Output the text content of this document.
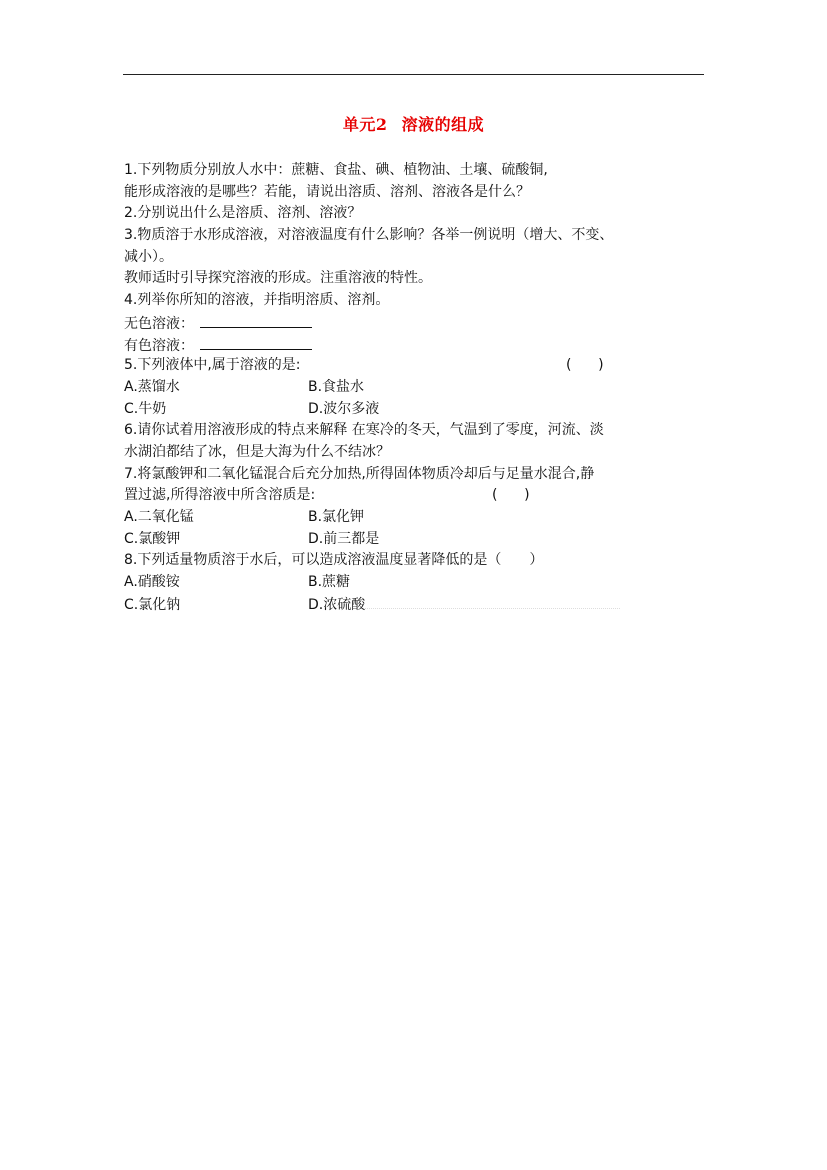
单元2 溶液的组成
1.下列物质分别放人水中：蔗糖、食盐、碘、植物油、土壤、硫酸铜,
能形成溶液的是哪些？若能，请说出溶质、溶剂、溶液各是什么？
2.分别说出什么是溶质、溶剂、溶液？
3.物质溶于水形成溶液，对溶液温度有什么影响？各举一例说明（增大、不变、
减小）。
教师适时引导探究溶液的形成。注重溶液的特性。
4.列举你所知的溶液，并指明溶质、溶剂。
无色溶液：
有色溶液：
5.下列液体中,属于溶液的是:	(      )
A.蒸馏水	B.食盐水
C.牛奶	D.波尔多液
6.请你试着用溶液形成的特点来解释 在寒冷的冬天，气温到了零度，河流、淡
水湖泊都结了冰，但是大海为什么不结冰？
7.将氯酸钾和二氧化锰混合后充分加热,所得固体物质冷却后与足量水混合,静
置过滤,所得溶液中所含溶质是:	(      )
A.二氧化锰	B.氯化钾
C.氯酸钾	D.前三都是
8.下列适量物质溶于水后，可以造成溶液温度显著降低的是（　　）
A.硝酸铵	B.蔗糖
C.氯化钠	D.浓硫酸
